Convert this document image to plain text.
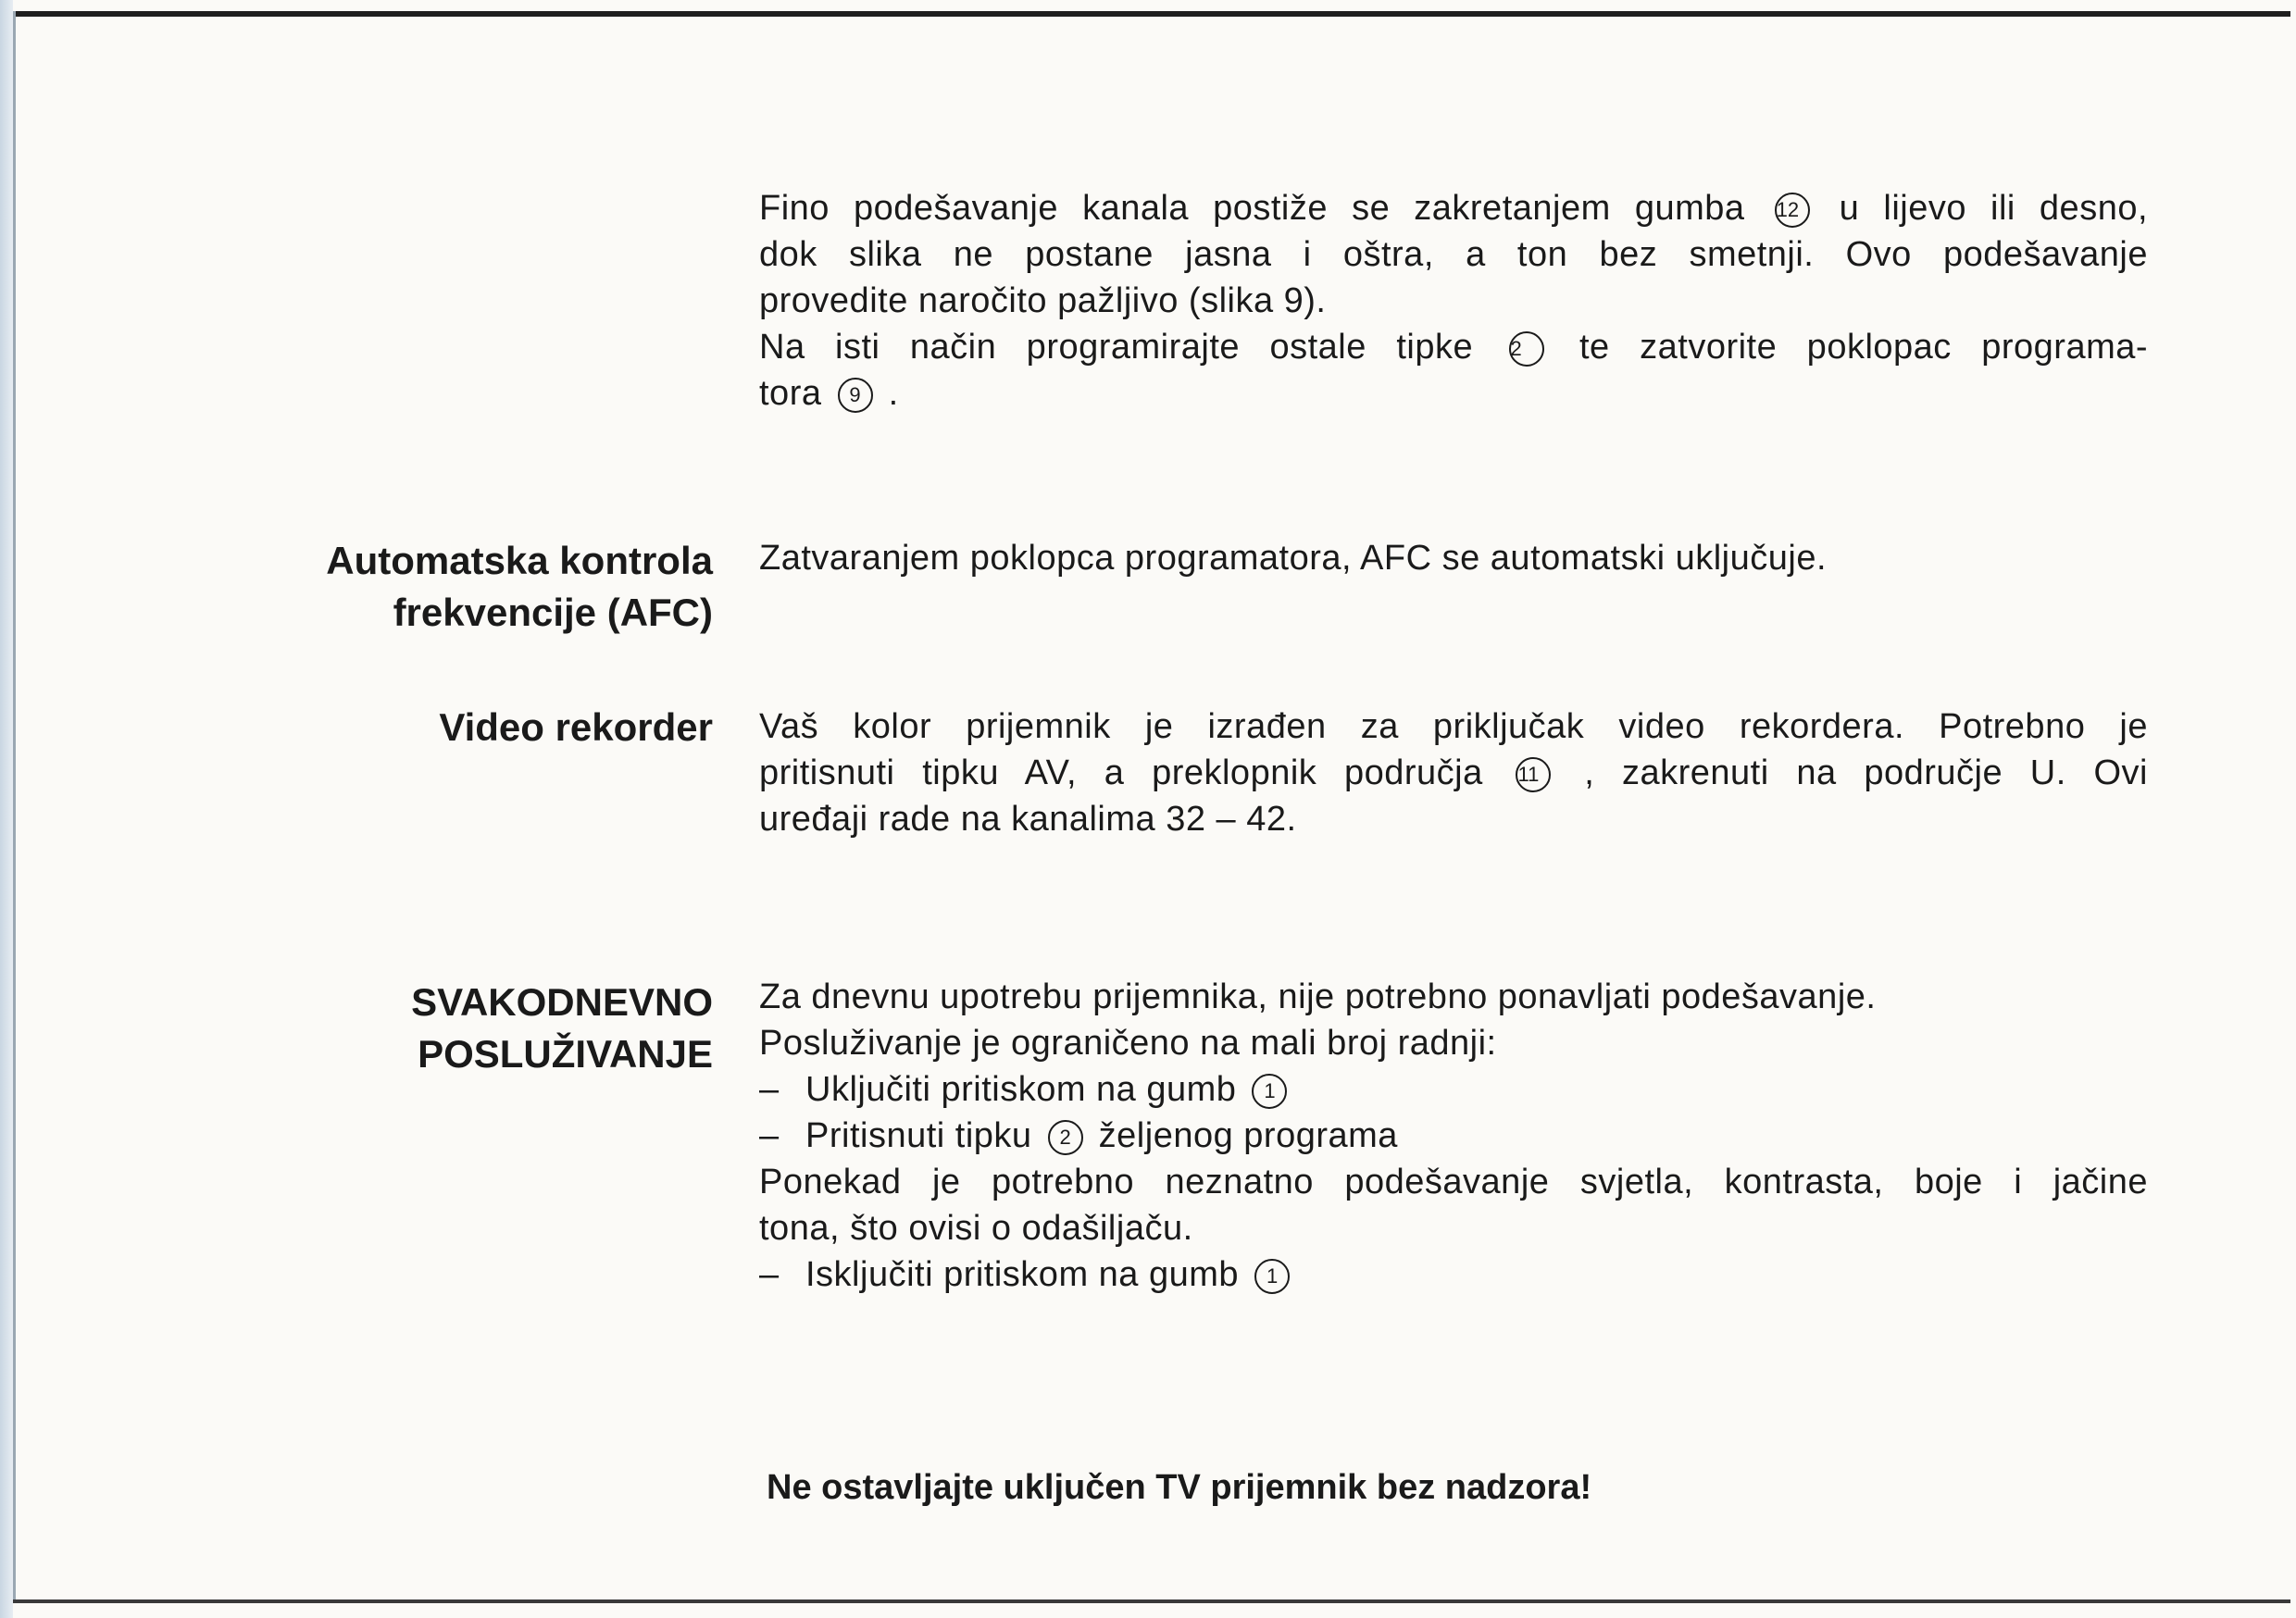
Fino podešavanje kanala postiže se zakretanjem gumba 12 u lijevo ili desno,
dok slika ne postane jasna i oštra, a ton bez smetnji. Ovo podešavanje
provedite naročito pažljivo (slika 9).
Na isti način programirajte ostale tipke 2 te zatvorite poklopac programa-
tora 9 .
Automatska kontrola
frekvencije (AFC)
Zatvaranjem poklopca programatora, AFC se automatski uključuje.
Video rekorder Vaš kolor prijemnik je izrađen za priključak video rekordera. Potrebno je
pritisnuti tipku AV, a preklopnik područja 11 , zakrenuti na područje U. Ovi
uređaji rade na kanalima 32 – 42.
SVAKODNEVNO
POSLUŽIVANJE
Za dnevnu upotrebu prijemnika, nije potrebno ponavljati podešavanje.
Posluživanje je ograničeno na mali broj radnji:
– Uključiti pritiskom na gumb 1
– Pritisnuti tipku 2 željenog programa
Ponekad je potrebno neznatno podešavanje svjetla, kontrasta, boje i jačine
tona, što ovisi o odašiljaču.
– Isključiti pritiskom na gumb 1
Ne ostavljajte uključen TV prijemnik bez nadzora!
